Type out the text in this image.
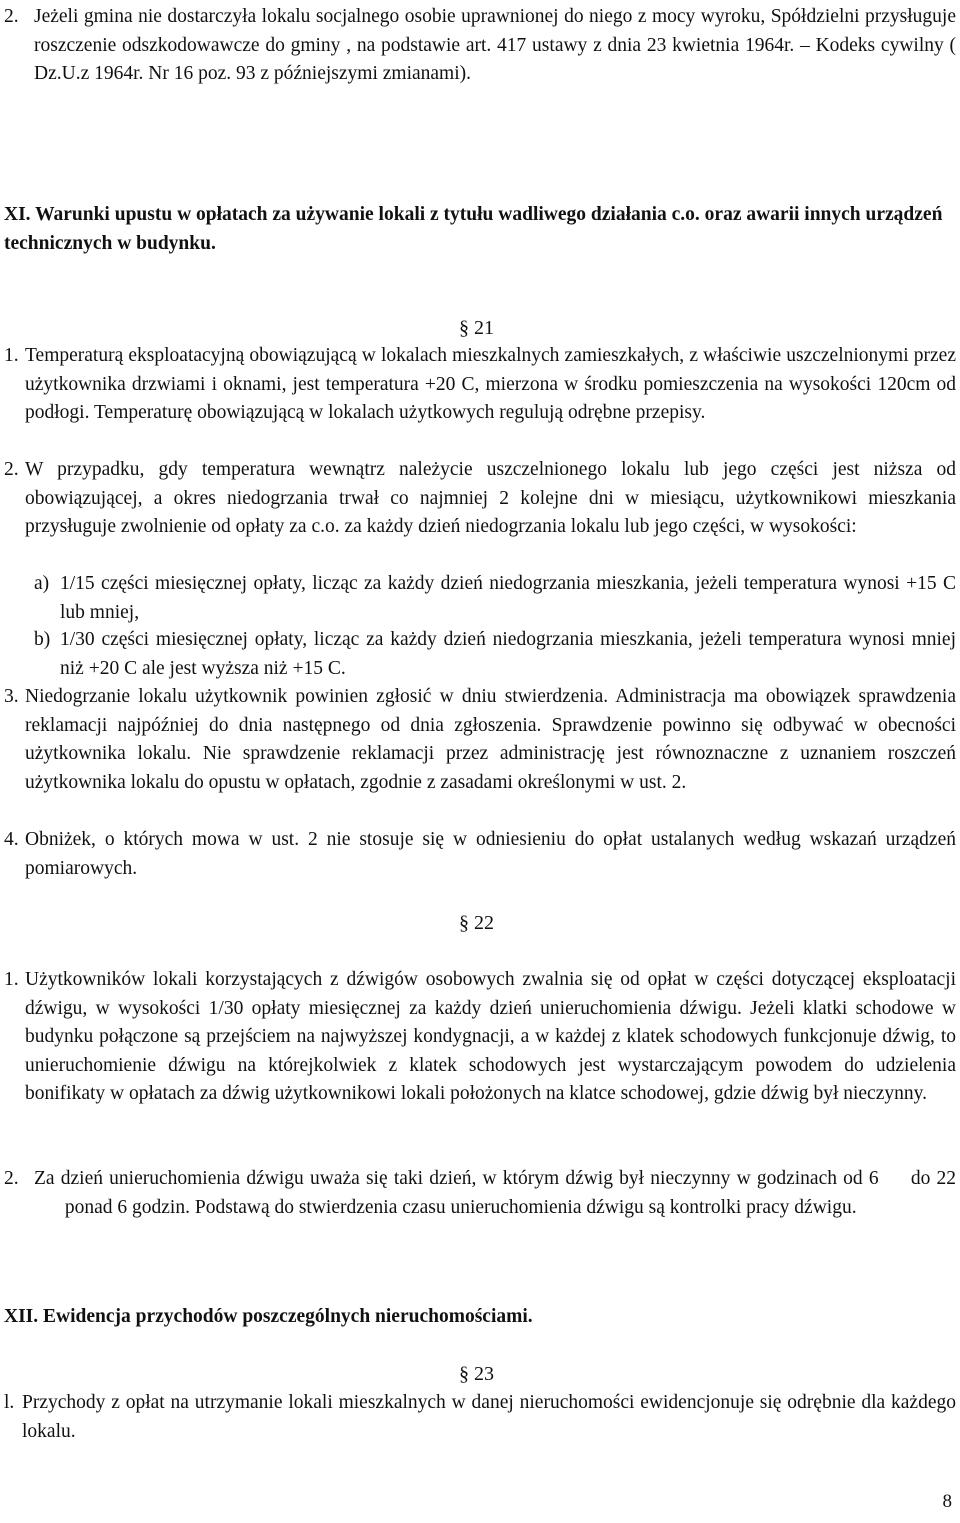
2. Jeżeli gmina nie dostarczyła lokalu socjalnego osobie uprawnionej do niego z mocy wyroku, Spółdzielni przysługuje roszczenie odszkodowawcze do gminy , na podstawie art. 417 ustawy z dnia 23 kwietnia 1964r. – Kodeks cywilny ( Dz.U.z 1964r. Nr 16 poz. 93 z późniejszymi zmianami).
XI. Warunki upustu w opłatach za używanie lokali z tytułu wadliwego działania c.o. oraz awarii innych urządzeń technicznych w budynku.
§ 21
1. Temperaturą eksploatacyjną obowiązującą w lokalach mieszkalnych zamieszkałych, z właściwie uszczelnionymi przez użytkownika drzwiami i oknami, jest temperatura +20 C, mierzona w środku pomieszczenia na wysokości 120cm od podłogi. Temperaturę obowiązującą w lokalach użytkowych regulują odrębne przepisy.
2. W przypadku, gdy temperatura wewnątrz należycie uszczelnionego lokalu lub jego części jest niższa od obowiązującej, a okres niedogrzania trwał co najmniej 2 kolejne dni w miesiącu, użytkownikowi mieszkania przysługuje zwolnienie od opłaty za c.o. za każdy dzień niedogrzania lokalu lub jego części, w wysokości:
a) 1/15 części miesięcznej opłaty, licząc za każdy dzień niedogrzania mieszkania, jeżeli temperatura wynosi +15 C lub mniej,
b) 1/30 części miesięcznej opłaty, licząc za każdy dzień niedogrzania mieszkania, jeżeli temperatura wynosi mniej niż +20 C ale jest wyższa niż +15 C.
3. Niedogrzanie lokalu użytkownik powinien zgłosić w dniu stwierdzenia. Administracja ma obowiązek sprawdzenia reklamacji najpóźniej do dnia następnego od dnia zgłoszenia. Sprawdzenie powinno się odbywać w obecności użytkownika lokalu. Nie sprawdzenie reklamacji przez administrację jest równoznaczne z uznaniem roszczeń użytkownika lokalu do opustu w opłatach, zgodnie z zasadami określonymi w ust. 2.
4. Obniżek, o których mowa w ust. 2 nie stosuje się w odniesieniu do opłat ustalanych według wskazań urządzeń pomiarowych.
§ 22
1. Użytkowników lokali korzystających z dźwigów osobowych zwalnia się od opłat w części dotyczącej eksploatacji dźwigu, w wysokości 1/30 opłaty miesięcznej za każdy dzień unieruchomienia dźwigu. Jeżeli klatki schodowe w budynku połączone są przejściem na najwyższej kondygnacji, a w każdej z klatek schodowych funkcjonuje dźwig, to unieruchomienie dźwigu na którejkolwiek z klatek schodowych jest wystarczającym powodem do udzielenia bonifikaty w opłatach za dźwig użytkownikowi lokali położonych na klatce schodowej, gdzie dźwig był nieczynny.
2. Za dzień unieruchomienia dźwigu uważa się taki dzień, w którym dźwig był nieczynny w godzinach od 6 do 22 ponad 6 godzin. Podstawą do stwierdzenia czasu unieruchomienia dźwigu są kontrolki pracy dźwigu.
XII. Ewidencja przychodów poszczególnych nieruchomościami.
§ 23
l. Przychody z opłat na utrzymanie lokali mieszkalnych w danej nieruchomości ewidencjonuje się odrębnie dla każdego lokalu.
8
